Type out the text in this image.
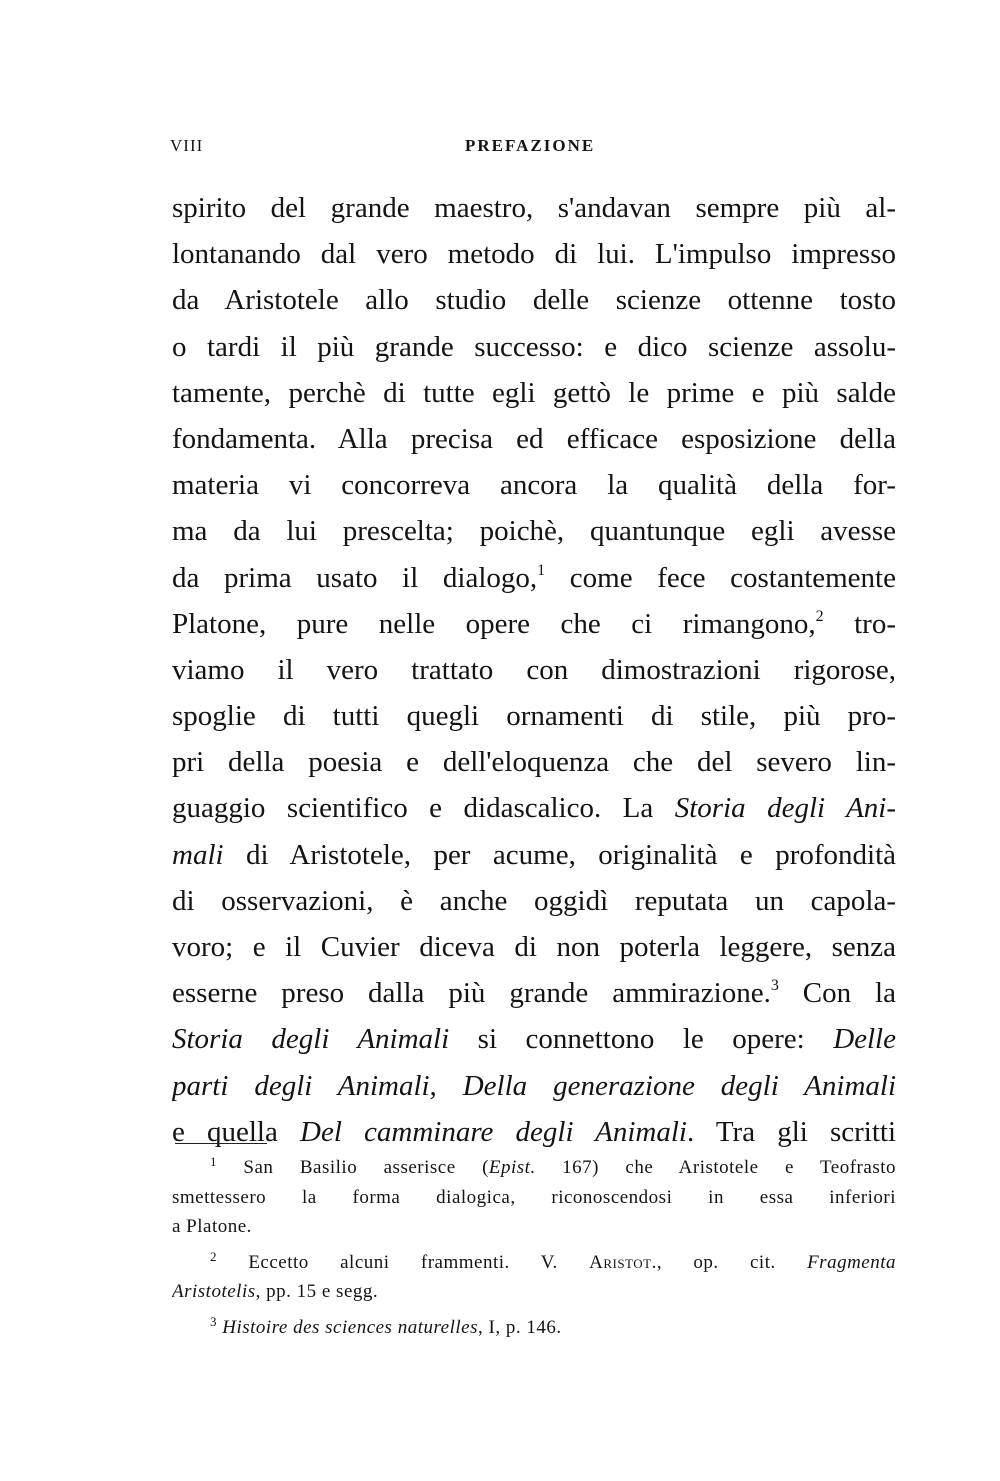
VIII	PREFAZIONE
spirito del grande maestro, s'andavan sempre più al-
lontanando dal vero metodo di lui. L'impulso impresso
da Aristotele allo studio delle scienze ottenne tosto
o tardi il più grande successo: e dico scienze assolu-
tamente, perchè di tutte egli gettò le prime e più salde
fondamenta. Alla precisa ed efficace esposizione della
materia vi concorreva ancora la qualità della for-
ma da lui prescelta; poichè, quantunque egli avesse
da prima usato il dialogo,$^1$ come fece costantemente
Platone, pure nelle opere che ci rimangono,$^2$ tro-
viamo il vero trattato con dimostrazioni rigorose,
spoglie di tutti quegli ornamenti di stile, più pro-
pri della poesia e dell'eloquenza che del severo lin-
guaggio scientifico e didascalico. La Storia degli Ani-
mali di Aristotele, per acume, originalità e profondità
di osservazioni, è anche oggidì reputata un capola-
voro; e il Cuvier diceva di non poterla leggere, senza
esserne preso dalla più grande ammirazione.$^3$ Con la
Storia degli Animali si connettono le opere: Delle
parti degli Animali, Della generazione degli Animali
e quella Del camminare degli Animali. Tra gli scritti
$^1$ San Basilio asserisce (Epist. 167) che Aristotele e Teofrasto
smettessero la forma dialogica, riconoscendosi in essa inferiori
a Platone.
$^2$ Eccetto alcuni frammenti. V. Aristot., op. cit. Fragmenta
Aristotelis, pp. 15 e segg.
$^3$ Histoire des sciences naturelles, I, p. 146.
